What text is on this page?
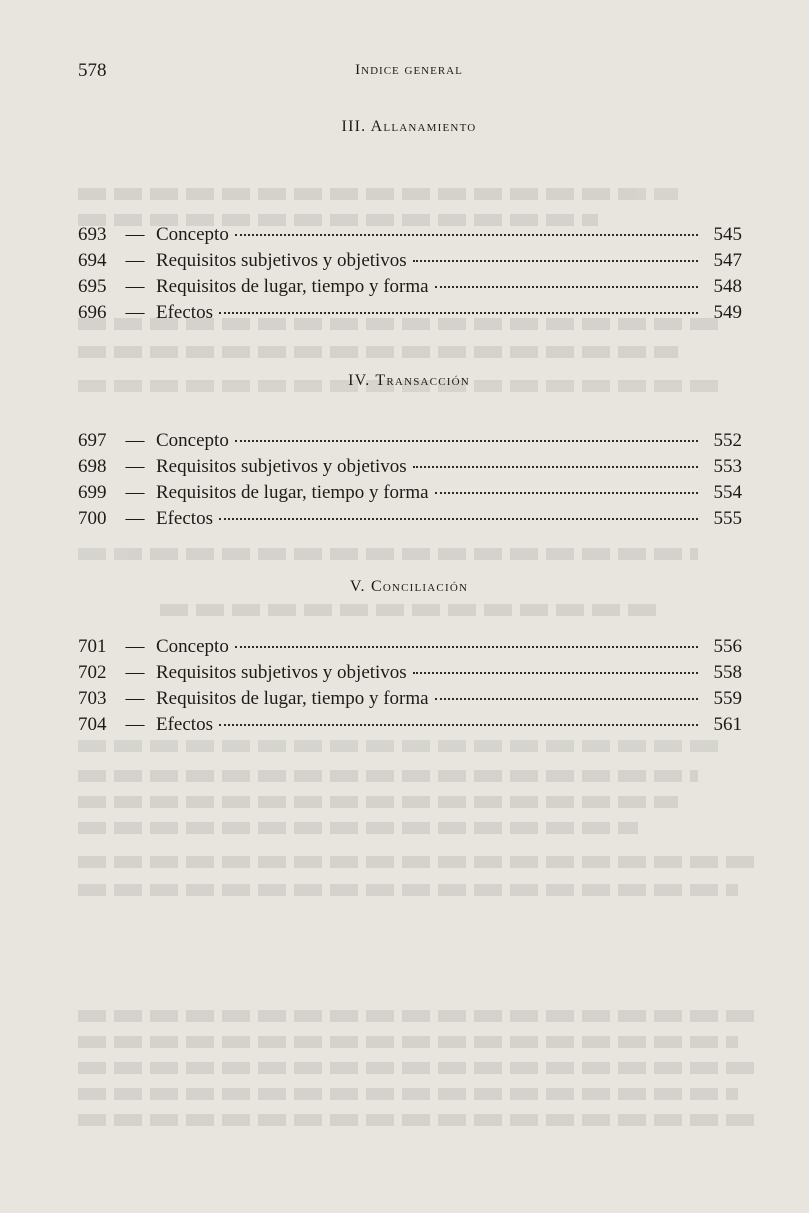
578	Indice general
III. Allanamiento
693	— Concepto	545
694	— Requisitos subjetivos y objetivos	547
695	— Requisitos de lugar, tiempo y forma	548
696	— Efectos	549
IV. Transacción
697	— Concepto	552
698	— Requisitos subjetivos y objetivos	553
699	— Requisitos de lugar, tiempo y forma	554
700	— Efectos	555
V. Conciliación
701	— Concepto	556
702	— Requisitos subjetivos y objetivos	558
703	— Requisitos de lugar, tiempo y forma	559
704	— Efectos	561
